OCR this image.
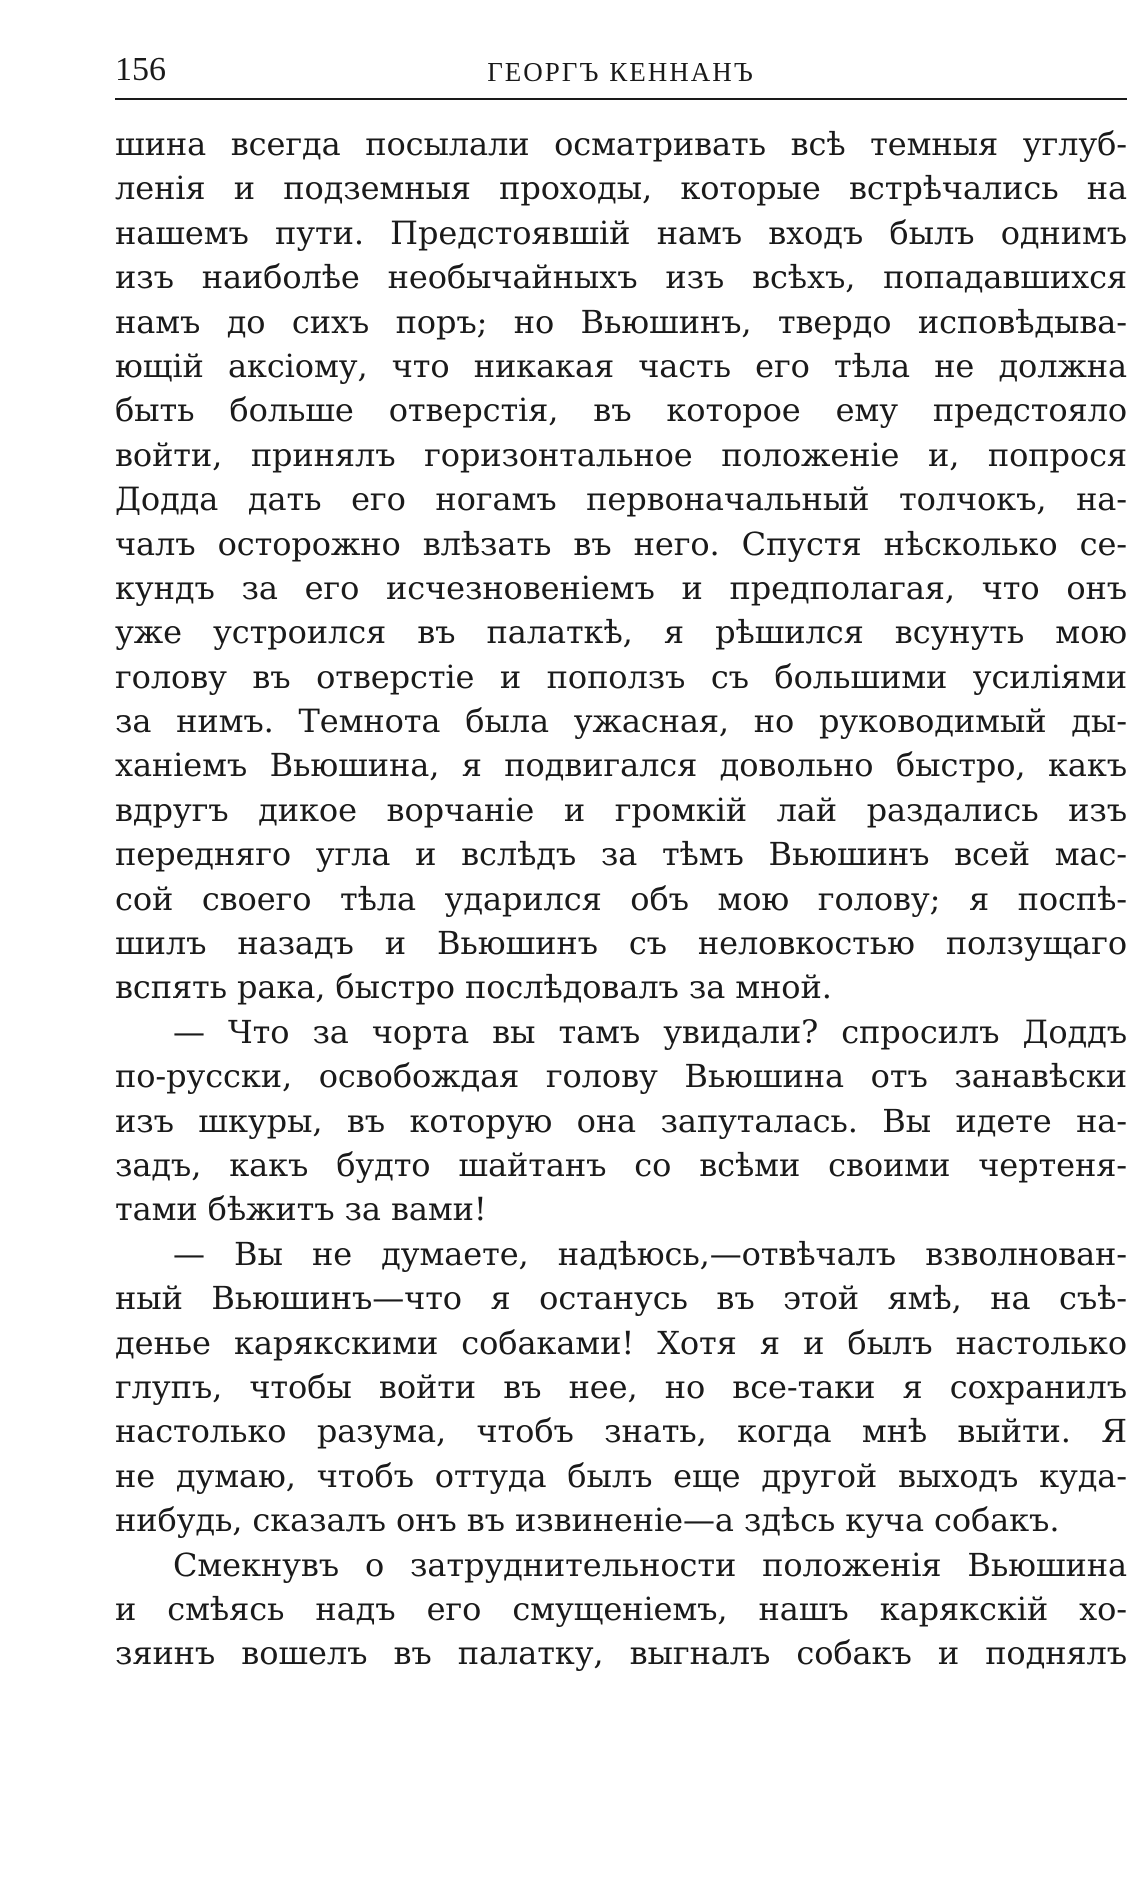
156	ГЕОРГЪ КЕННАНЪ
шина всегда посылали осматривать всѣ темныя углуб-
ленія и подземныя проходы, которые встрѣчались на
нашемъ пути. Предстоявшій намъ входъ былъ однимъ
изъ наиболѣе необычайныхъ изъ всѣхъ, попадавшихся
намъ до сихъ поръ; но Вьюшинъ, твердо исповѣдыва-
ющій аксіому, что никакая часть его тѣла не должна
быть больше отверстія, въ которое ему предстояло
войти, принялъ горизонтальное положеніе и, попрося
Додда дать его ногамъ первоначальный толчокъ, на-
чалъ осторожно влѣзать въ него. Спустя нѣсколько се-
кундъ за его исчезновеніемъ и предполагая, что онъ
уже устроился въ палаткѣ, я рѣшился всунуть мою
голову въ отверстіе и поползъ съ большими усиліями
за нимъ. Темнота была ужасная, но руководимый ды-
ханіемъ Вьюшина, я подвигался довольно быстро, какъ
вдругъ дикое ворчаніе и громкій лай раздались изъ
передняго угла и вслѣдъ за тѣмъ Вьюшинъ всей мас-
сой своего тѣла ударился объ мою голову; я поспѣ-
шилъ назадъ и Вьюшинъ съ неловкостью ползущаго
вспять рака, быстро послѣдовалъ за мной.
— Что за чорта вы тамъ увидали? спросилъ Доддъ
по-русски, освобождая голову Вьюшина отъ занавѣски
изъ шкуры, въ которую она запуталась. Вы идете на-
задъ, какъ будто шайтанъ со всѣми своими чертеня-
тами бѣжитъ за вами!
— Вы не думаете, надѣюсь,—отвѣчалъ взволнован-
ный Вьюшинъ—что я останусь въ этой ямѣ, на съѣ-
денье карякскими собаками! Хотя я и былъ настолько
глупъ, чтобы войти въ нее, но все-таки я сохранилъ
настолько разума, чтобъ знать, когда мнѣ выйти. Я
не думаю, чтобъ оттуда былъ еще другой выходъ куда-
нибудь, сказалъ онъ въ извиненіе—а здѣсь куча собакъ.
Смекнувъ о затруднительности положенія Вьюшина
и смѣясь надъ его смущеніемъ, нашъ карякскій хо-
зяинъ вошелъ въ палатку, выгналъ собакъ и поднялъ
